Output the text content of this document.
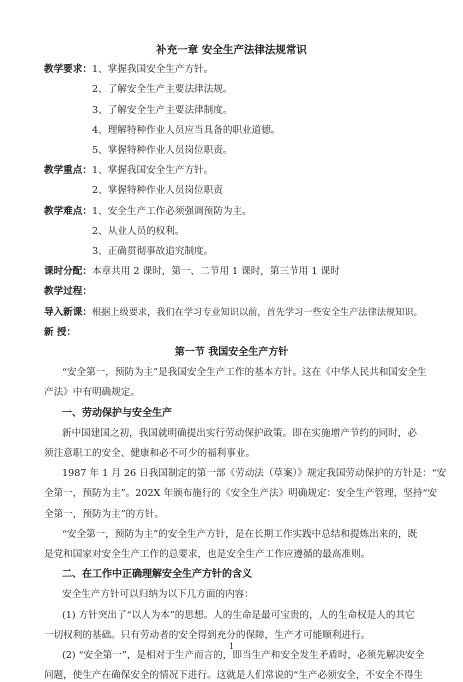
补充一章 安全生产法律法规常识
教学要求： 1、掌握我国安全生产方针。
2、了解安全生产主要法律法规。
3、了解安全生产主要法律制度。
4、理解特种作业人员应当具备的职业道德。
5、掌握特种作业人员岗位职责。
教学重点： 1、掌握我国安全生产方针。
2、掌握特种作业人员岗位职责
教学难点： 1、安全生产工作必须强调预防为主。
2、从业人员的权利。
3、正确贯彻事故追究制度。
课时分配： 本章共用 2 课时，第一、二节用 1 课时，第三节用 1 课时
教学过程：
导入新课： 根据上级要求，我们在学习专业知识以前，首先学习一些安全生产法律法规知识。
新 授：
第一节 我国安全生产方针
“安全第一，预防为主”是我国安全生产工作的基本方针。这在《中华人民共和国安全生
产法》中有明确规定。
一、劳动保护与安全生产
新中国建国之初，我国就明确提出实行劳动保护政策。即在实施增产节约的同时，必
须注意职工的安全、健康和必不可少的福利事业。
1987 年 1 月 26 日我国制定的第一部《劳动法（草案）》规定我国劳动保护的方针是：“安
全第一，预防为主”。202X 年颁布施行的《安全生产法》明确规定：安全生产管理，坚持“安
全第一，预防为主”的方针。
“安全第一，预防为主”的安全生产方针，是在长期工作实践中总结和提炼出来的，既
是党和国家对安全生产工作的总要求，也是安全生产工作应遵循的最高准则。
二、在工作中正确理解安全生产方针的含义
安全生产方针可以归纳为以下几方面的内容：
(1) 方针突出了“以人为本”的思想。人的生命是最可宝贵的，人的生命权是人的其它
一切权利的基础。只有劳动者的安全得到充分的保障，生产才可能顺利进行。
(2) “安全第一”，是相对于生产而言的，即当生产和安全发生矛盾时，必须先解决安全
问题，使生产在确保安全的情况下进行。这就是人们常说的“生产必须安全，不安全不得生
1
